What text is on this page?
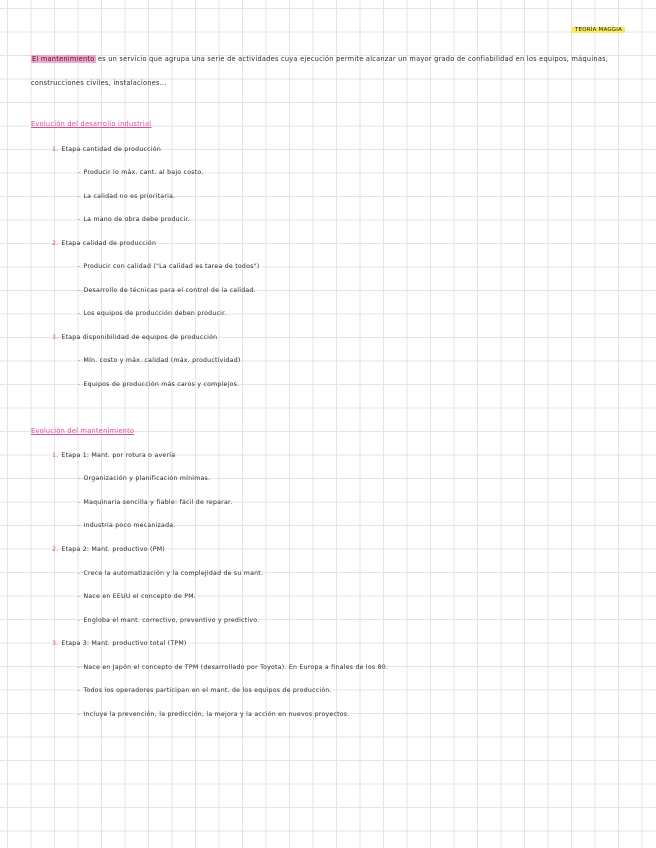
TEORÍA MAGGIA

El mantenimiento es un servicio que agrupa una serie de actividades cuya ejecución permite alcanzar un mayor grado de confiabilidad en los equipos, máquinas, construcciones civiles, instalaciones...

Evolución del desarrollo industrial
1. Etapa cantidad de producción
- Producir lo máx. cant. al bajo costo.
- La calidad no es prioritaria.
- La mano de obra debe producir.
2. Etapa calidad de producción
- Producir con calidad ("La calidad es tarea de todos")
- Desarrollo de técnicas para el control de la calidad.
- Los equipos de producción deben producir.
3. Etapa disponibilidad de equipos de producción
- Mín. costo y máx. calidad (máx. productividad)
- Equipos de producción más caros y complejos.
Evolución del mantenimiento
1. Etapa 1: Mant. por rotura o avería
- Organización y planificación mínimas.
- Maquinaria sencilla y fiable: fácil de reparar.
- Industria poco mecanizada.
2. Etapa 2: Mant. productivo (PM)
- Crece la automatización y la complejidad de su mant.
- Nace en EEUU el concepto de PM.
- Engloba el mant. correctivo, preventivo y predictivo.
3. Etapa 3: Mant. productivo total (TPM)
- Nace en Japón el concepto de TPM (desarrollado por Toyota). En Europa a finales de los 80.
- Todos los operadores participan en el mant. de los equipos de producción.
- Incluye la prevención, la predicción, la mejora y la acción en nuevos proyectos.
